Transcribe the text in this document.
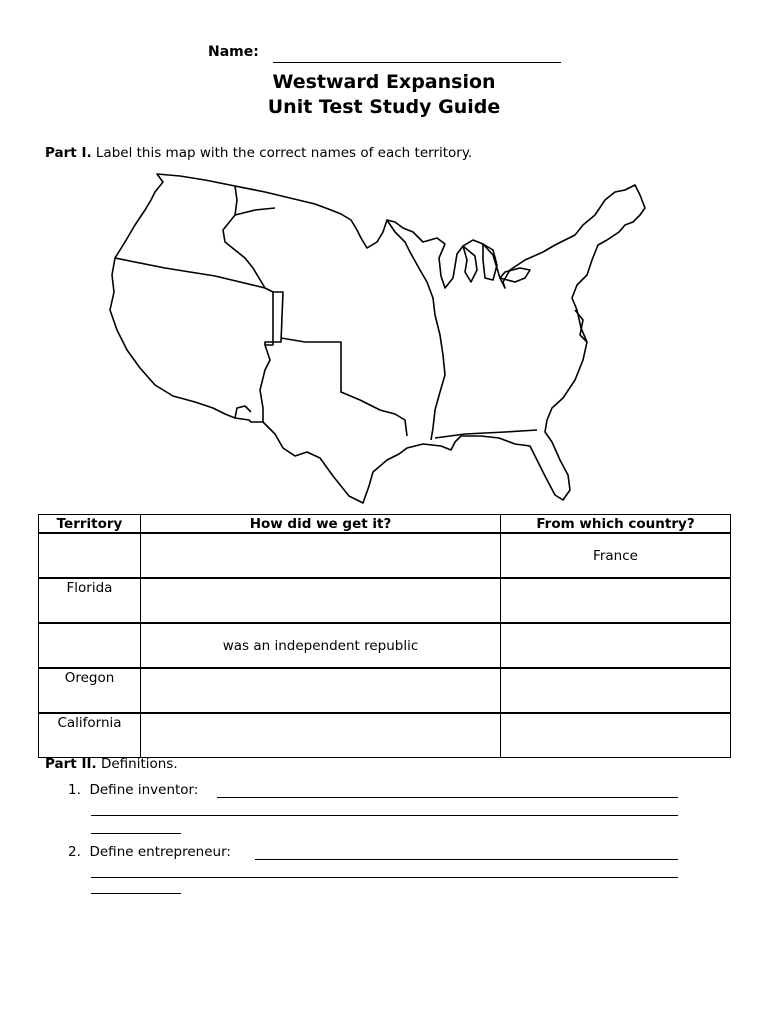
Name:
Westward Expansion
Unit Test Study Guide
Part I. Label this map with the correct names of each territory.
Territory	How did we get it?	From which country?

		France

Florida		

	was an independent republic	

Oregon		

California		

Part II. Definitions.
1. Define inventor:
2. Define entrepreneur:
